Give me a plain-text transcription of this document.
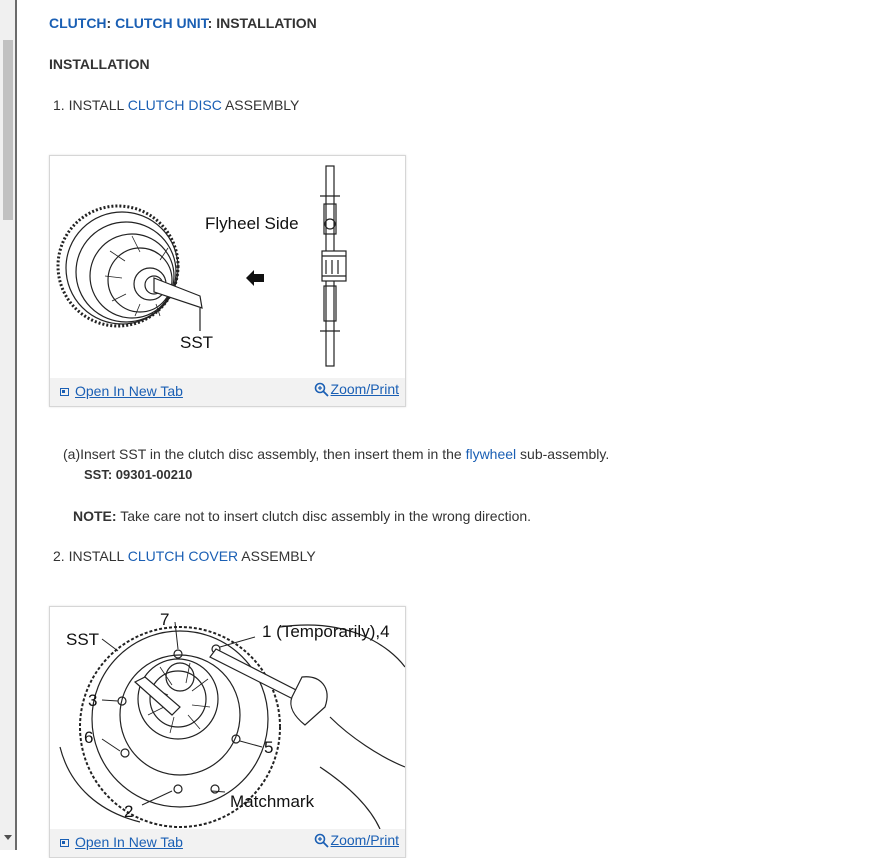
CLUTCH: CLUTCH UNIT: INSTALLATION
INSTALLATION
1. INSTALL CLUTCH DISC ASSEMBLY
Flyheel Side
SST
Open In New Tab	Zoom/Print
(a)Insert SST in the clutch disc assembly, then insert them in the flywheel sub-assembly.
SST: 09301-00210
NOTE: Take care not to insert clutch disc assembly in the wrong direction.
2. INSTALL CLUTCH COVER ASSEMBLY
SST
7
1 (Temporarily),4
3
6
5
2
Matchmark
Open In New Tab	Zoom/Print
